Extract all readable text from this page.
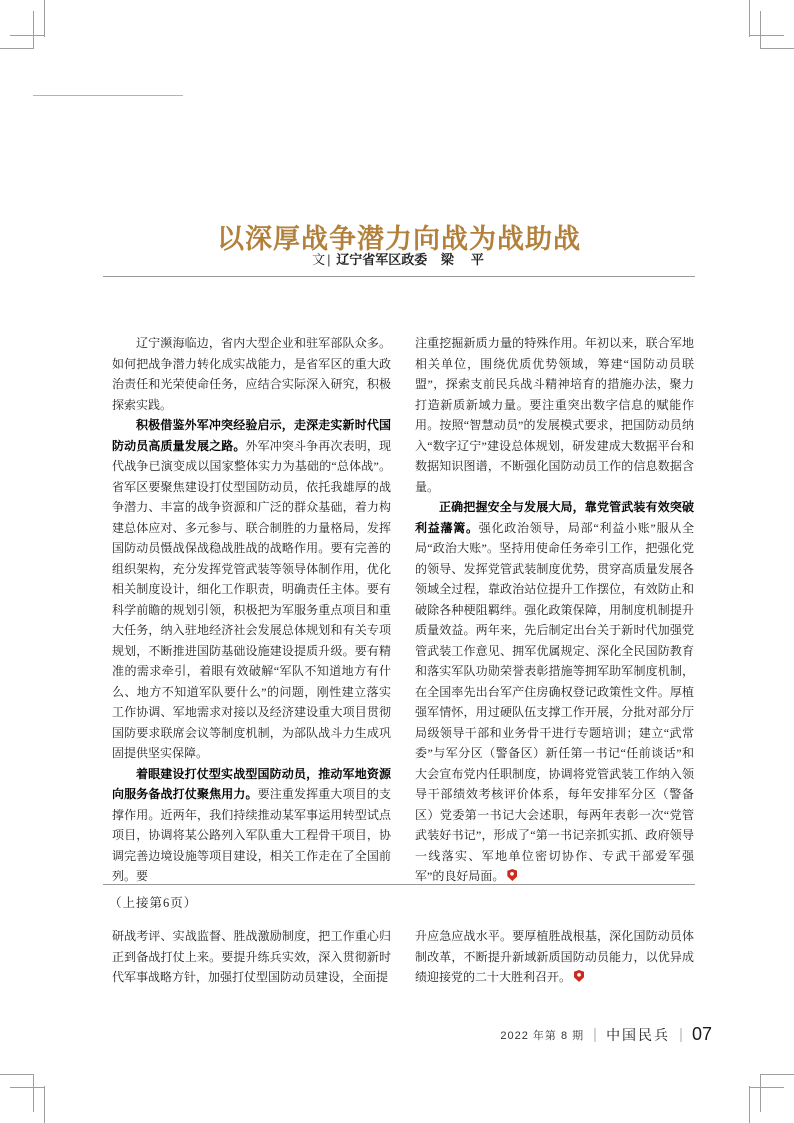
以深厚战争潜力向战为战助战
文 | 辽宁省军区政委 梁　平

辽宁濒海临边，省内大型企业和驻军部队众多。如何把战争潜力转化成实战能力，是省军区的重大政治责任和光荣使命任务，应结合实际深入研究，积极探索实践。

积极借鉴外军冲突经验启示，走深走实新时代国防动员高质量发展之路。外军冲突斗争再次表明，现代战争已演变成以国家整体实力为基础的“总体战”。省军区要聚焦建设打仗型国防动员，依托我雄厚的战争潜力、丰富的战争资源和广泛的群众基础，着力构建总体应对、多元参与、联合制胜的力量格局，发挥国防动员慑战保战稳战胜战的战略作用。要有完善的组织架构，充分发挥党管武装等领导体制作用，优化相关制度设计，细化工作职责，明确责任主体。要有科学前瞻的规划引领，积极把为军服务重点项目和重大任务，纳入驻地经济社会发展总体规划和有关专项规划，不断推进国防基础设施建设提质升级。要有精准的需求牵引，着眼有效破解“军队不知道地方有什么、地方不知道军队要什么”的问题，刚性建立落实工作协调、军地需求对接以及经济建设重大项目贯彻国防要求联席会议等制度机制，为部队战斗力生成巩固提供坚实保障。

着眼建设打仗型实战型国防动员，推动军地资源向服务备战打仗聚焦用力。要注重发挥重大项目的支撑作用。近两年，我们持续推动某军事运用转型试点项目，协调将某公路列入军队重大工程骨干项目，协调完善边境设施等项目建设，相关工作走在了全国前列。要

注重挖掘新质力量的特殊作用。年初以来，联合军地相关单位，围绕优质优势领域，筹建“国防动员联盟”，探索支前民兵战斗精神培育的措施办法，聚力打造新质新域力量。要注重突出数字信息的赋能作用。按照“智慧动员”的发展模式要求，把国防动员纳入“数字辽宁”建设总体规划，研发建成大数据平台和数据知识图谱，不断强化国防动员工作的信息数据含量。

正确把握安全与发展大局，靠党管武装有效突破利益藩篱。强化政治领导，局部“利益小账”服从全局“政治大账”。坚持用使命任务牵引工作，把强化党的领导、发挥党管武装制度优势，贯穿高质量发展各领域全过程，靠政治站位提升工作摆位，有效防止和破除各种梗阻羁绊。强化政策保障，用制度机制提升质量效益。两年来，先后制定出台关于新时代加强党管武装工作意见、拥军优属规定、深化全民国防教育和落实军队功勋荣誉表彰措施等拥军助军制度机制，在全国率先出台军产住房确权登记政策性文件。厚植强军情怀，用过硬队伍支撑工作开展，分批对部分厅局级领导干部和业务骨干进行专题培训；建立“武常委”与军分区（警备区）新任第一书记“任前谈话”和大会宣布党内任职制度，协调将党管武装工作纳入领导干部绩效考核评价体系，每年安排军分区（警备区）党委第一书记大会述职，每两年表彰一次“党管武装好书记”，形成了“第一书记亲抓实抓、政府领导一线落实、军地单位密切协作、专武干部爱军强军”的良好局面。

（上接第6页）

研战考评、实战监督、胜战激励制度，把工作重心归正到备战打仗上来。要提升练兵实效，深入贯彻新时代军事战略方针，加强打仗型国防动员建设，全面提

升应急应战水平。要厚植胜战根基，深化国防动员体制改革，不断提升新域新质国防动员能力，以优异成绩迎接党的二十大胜利召开。

2022 年第 8 期 | 中国民兵 | 07
